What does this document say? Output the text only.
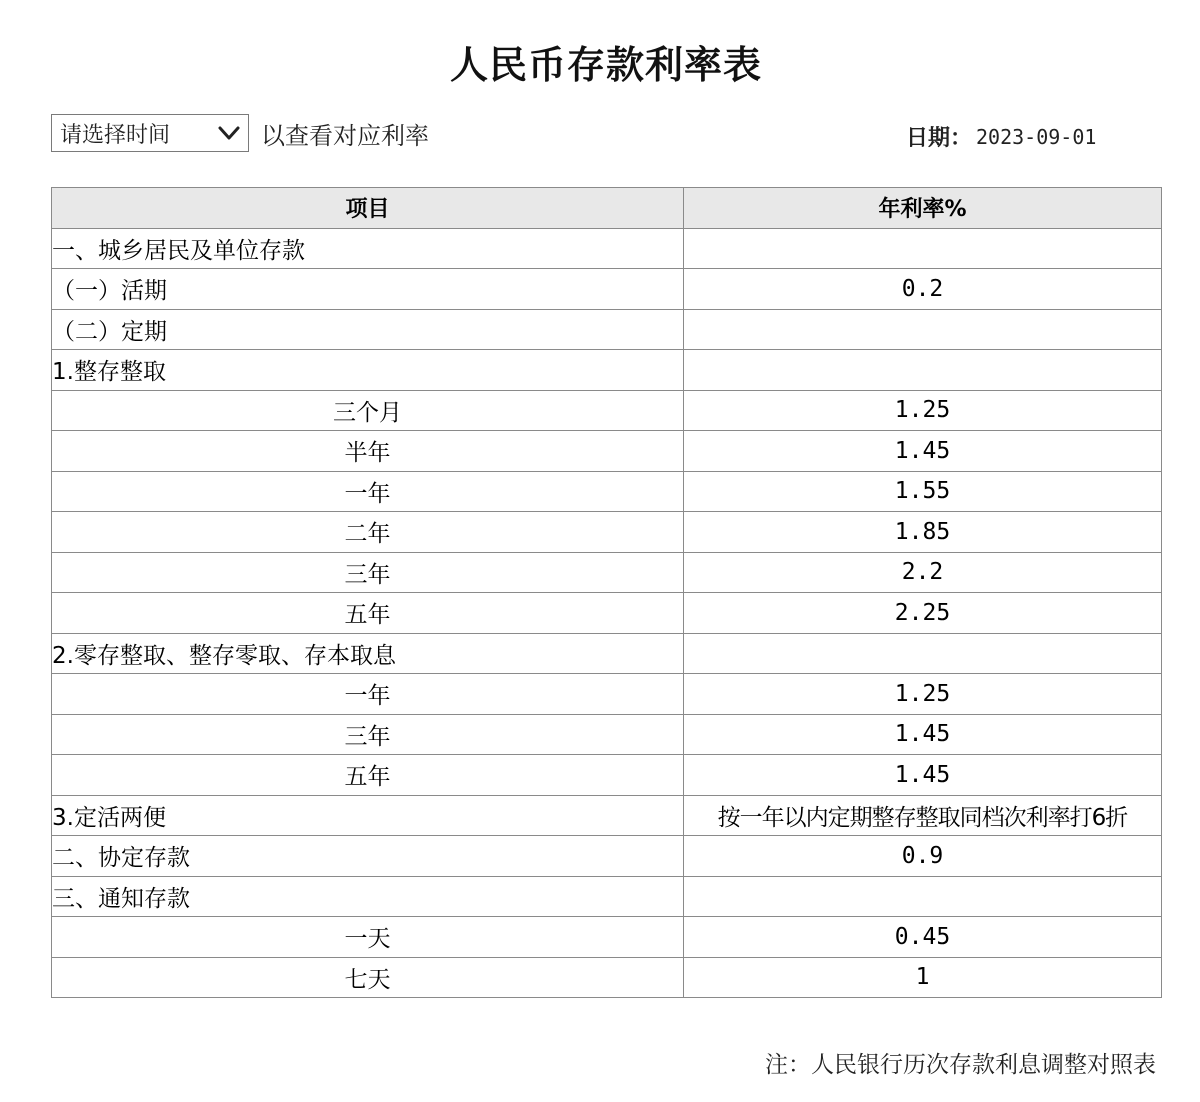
人民币存款利率表
请选择时间	以查看对应利率	日期： 2023-09-01
项目	年利率%
一、城乡居民及单位存款	
（一）活期	0.2
（二）定期	
1.整存整取	
三个月	1.25
半年	1.45
一年	1.55
二年	1.85
三年	2.2
五年	2.25
2.零存整取、整存零取、存本取息	
一年	1.25
三年	1.45
五年	1.45
3.定活两便	按一年以内定期整存整取同档次利率打6折
二、协定存款	0.9
三、通知存款	
一天	0.45
七天	1
注：人民银行历次存款利息调整对照表
